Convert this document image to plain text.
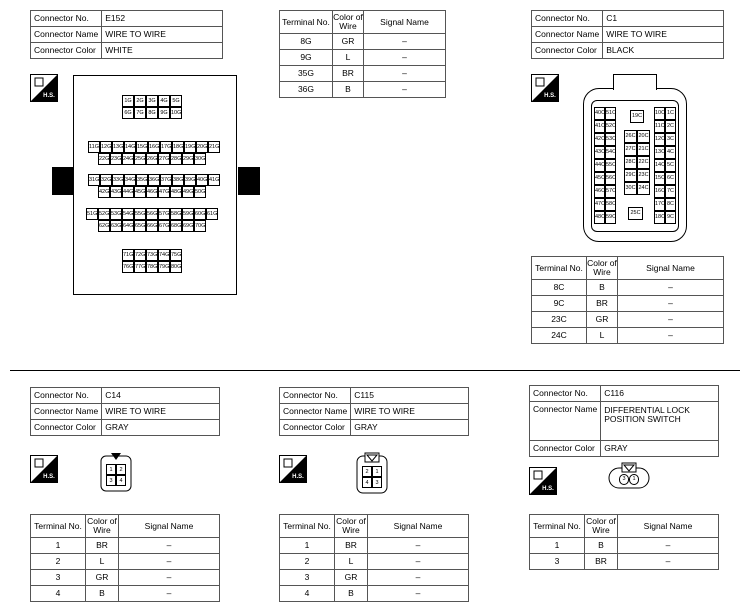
Connector No.	E152
Connector Name	WIRE TO WIRE
Connector Color	WHITE
H.S.
1G 2G 3G 4G 5G
6G 7G 8G 9G 10G
11G 12G 13G 14G 15G 16G 17G 18G 19G 20G 21G
22G 23G 24G 25G 26G 27G 28G 29G 30G
31G 32G 33G 34G 35G 36G 37G 38G 39G 40G 41G
42G 43G 44G 45G 46G 47G 48G 49G 50G
51G 52G 53G 54G 55G 56G 57G 58G 59G 60G 61G
62G 63G 64G 65G 66G 67G 68G 69G 70G
71G 72G 73G 74G 75G
76G 77G 78G 79G 80G
Terminal No.	Color of
Wire	Signal Name
8G	GR	–
9G	L	–
35G	BR	–
36G	B	–
Connector No.	C1
Connector Name	WIRE TO WIRE
Connector Color	BLACK
H.S.
40C 51C
41C 52C
42C 53C
43C 54C
44C 55C
45C 56C
46C 57C
47C 58C
48C 59C
19C
26C 20C
27C 21C
28C 22C
29C 23C
30C 24C
25C
10C 1C
11C 2C
12C 3C
13C 4C
14C 5C
15C 6C
16C 7C
17C 8C
18C 9C
Terminal No.	Color of
Wire	Signal Name
8C	B	–
9C	BR	–
23C	GR	–
24C	L	–
Connector No.	C14
Connector Name	WIRE TO WIRE
Connector Color	GRAY
H.S.
1	2
3	4
Terminal No.	Color of
Wire	Signal Name
1	BR	–
2	L	–
3	GR	–
4	B	–
Connector No.	C115
Connector Name	WIRE TO WIRE
Connector Color	GRAY
H.S.
2	1
4	3
Terminal No.	Color of
Wire	Signal Name
1	BR	–
2	L	–
3	GR	–
4	B	–
Connector No.	C116
Connector Name	DIFFERENTIAL LOCK
POSITION SWITCH
Connector Color	GRAY
H.S.
3	1
Terminal No.	Color of
Wire	Signal Name
1	B	–
3	BR	–
